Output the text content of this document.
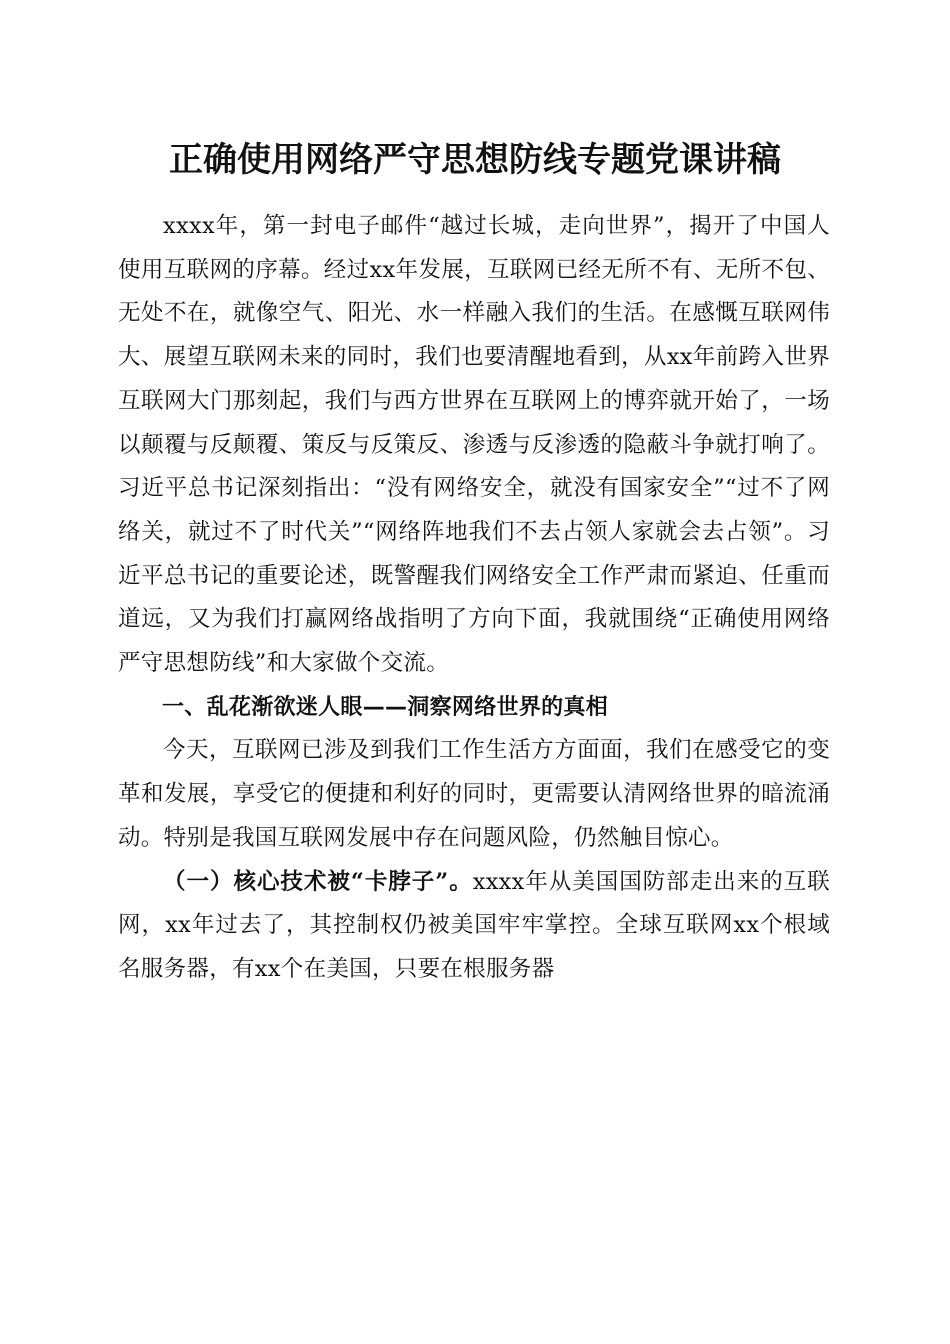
正确使用网络严守思想防线专题党课讲稿

xxxx年，第一封电子邮件“越过长城，走向世界”，揭开了中国人使用互联网的序幕。经过xx年发展，互联网已经无所不有、无所不包、无处不在，就像空气、阳光、水一样融入我们的生活。在感慨互联网伟大、展望互联网未来的同时，我们也要清醒地看到，从xx年前跨入世界互联网大门那刻起，我们与西方世界在互联网上的博弈就开始了，一场以颠覆与反颠覆、策反与反策反、渗透与反渗透的隐蔽斗争就打响了。习近平总书记深刻指出：“没有网络安全，就没有国家安全”“过不了网络关，就过不了时代关”“网络阵地我们不去占领人家就会去占领”。习近平总书记的重要论述，既警醒我们网络安全工作严肃而紧迫、任重而道远，又为我们打赢网络战指明了方向下面，我就围绕“正确使用网络严守思想防线”和大家做个交流。

一、乱花渐欲迷人眼——洞察网络世界的真相

今天，互联网已涉及到我们工作生活方方面面，我们在感受它的变革和发展，享受它的便捷和利好的同时，更需要认清网络世界的暗流涌动。特别是我国互联网发展中存在问题风险，仍然触目惊心。

（一）核心技术被“卡脖子”。xxxx年从美国国防部走出来的互联网，xx年过去了，其控制权仍被美国牢牢掌控。全球互联网xx个根域名服务器，有xx个在美国，只要在根服务器
